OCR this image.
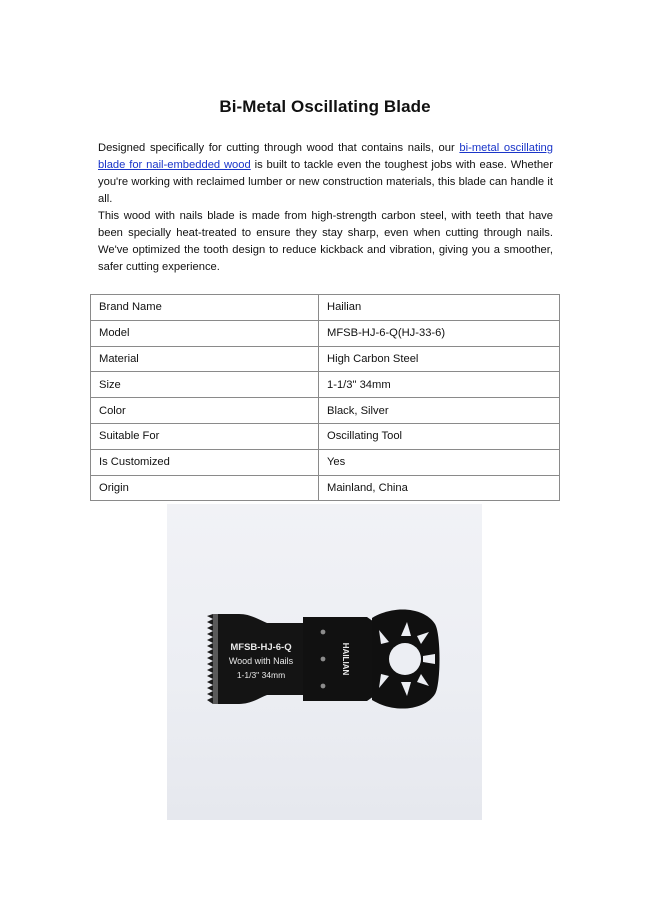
Bi-Metal Oscillating Blade

Designed specifically for cutting through wood that contains nails, our bi-metal oscillating blade for nail-embedded wood is built to tackle even the toughest jobs with ease. Whether you're working with reclaimed lumber or new construction materials, this blade can handle it all.

This wood with nails blade is made from high-strength carbon steel, with teeth that have been specially heat-treated to ensure they stay sharp, even when cutting through nails. We've optimized the tooth design to reduce kickback and vibration, giving you a smoother, safer cutting experience.

Brand Name	Hailian
Model	MFSB-HJ-6-Q(HJ-33-6)
Material	High Carbon Steel
Size	1-1/3" 34mm
Color	Black, Silver
Suitable For	Oscillating Tool
Is Customized	Yes
Origin	Mainland, China
MFSB-HJ-6-Q
Wood with Nails
1-1/3" 34mm	HAILIAN
